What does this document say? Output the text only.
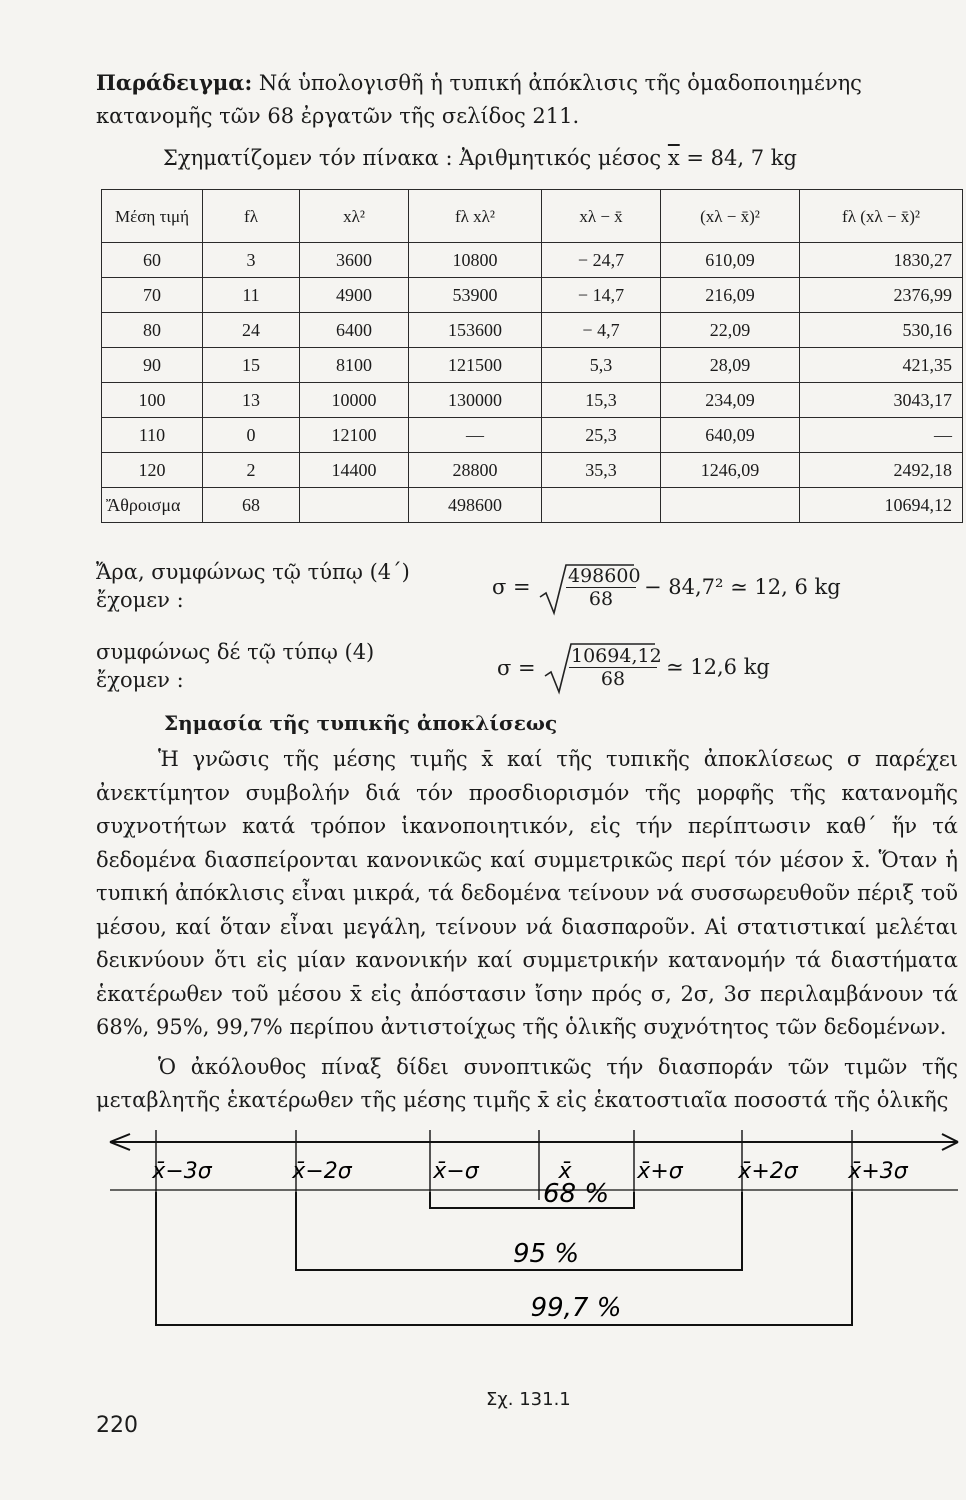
Παράδειγμα: Νά ὑπολογισθῆ ἡ τυπική ἀπόκλισις τῆς ὁμαδοποιημένης κατανομῆς τῶν 68 ἐργατῶν τῆς σελίδος 211.
Σχηματίζομεν τόν πίνακα : Ἀριθμητικός μέσος $\overline{x} = 84$, 7 kg
Μέση τιμή	fλ	xλ²	fλ xλ²	xλ − x̄	(xλ − x̄)²	fλ (xλ − x̄)²
60	3	3600	10800	− 24,7	610,09	1830,27
70	11	4900	53900	− 14,7	216,09	2376,99
80	24	6400	153600	− 4,7	22,09	530,16
90	15	8100	121500	5,3	28,09	421,35
100	13	10000	130000	15,3	234,09	3043,17
110	0	12100	—	25,3	640,09	—
120	2	14400	28800	35,3	1246,09	2492,18
Ἄθροισμα	68		498600			10694,12
Ἄρα, συμφώνως τῷ τύπῳ (4΄)
ἔχομεν :
$\sigma = \frac{498600}{68} - 84,7^2$ ≃ 12, 6 kg
συμφώνως δέ τῷ τύπῳ (4)
ἔχομεν :	$\sigma = \frac{10694,12}{68}$ ≃ 12,6 kg
Σημασία τῆς τυπικῆς ἀποκλίσεως

Ἡ γνῶσις τῆς μέσης τιμῆς x̄ καί τῆς τυπικῆς ἀποκλίσεως σ παρέχει ἀνεκτίμητον συμβολήν διά τόν προσδιορισμόν τῆς μορφῆς τῆς κατανομῆς συχνοτήτων κατά τρόπον ἱκανοποιητικόν, εἰς τήν περίπτωσιν καθ΄ ἥν τά δεδομένα διασπείρονται κανονικῶς καί συμμετρικῶς περί τόν μέσον x̄. Ὅταν ἡ τυπική ἀπόκλισις εἶναι μικρά, τά δεδομένα τείνουν νά συσσωρευθοῦν πέριξ τοῦ μέσου, καί ὅταν εἶναι μεγάλη, τείνουν νά διασπαροῦν. Αἱ στατιστικαί μελέται δεικνύουν ὅτι εἰς μίαν κανονικήν καί συμμετρικήν κατανομήν τά διαστήματα ἑκατέρωθεν τοῦ μέσου x̄ εἰς ἀπόστασιν ἴσην πρός σ, 2σ, 3σ περιλαμβάνουν τά 68%, 95%, 99,7% περίπου ἀντιστοίχως τῆς ὁλικῆς συχνότητος τῶν δεδομένων.

Ὁ ἀκόλουθος πίναξ δίδει συνοπτικῶς τήν διασποράν τῶν τιμῶν τῆς μεταβλητῆς ἑκατέρωθεν τῆς μέσης τιμῆς x̄ εἰς ἑκατοστιαῖα ποσοστά τῆς ὁλικῆς

x̄−3σ	x̄−2σ	x̄−σ	x̄	x̄+σ	x̄+2σ x̄+3σ
68 %
95 %
99,7 %
Σχ. 131.1
220
